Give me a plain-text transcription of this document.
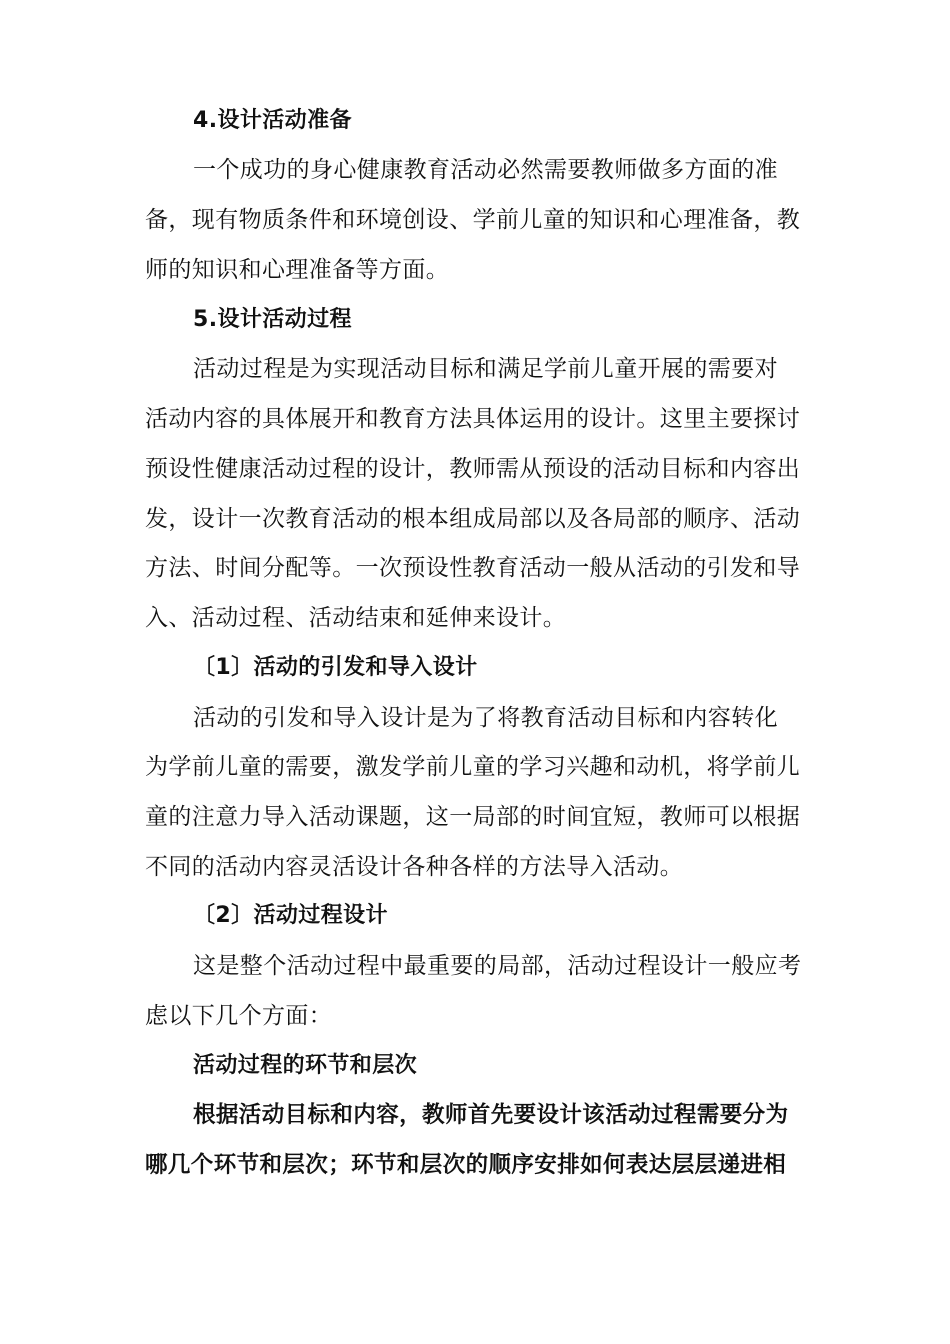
4.设计活动准备
一个成功的身心健康教育活动必然需要教师做多方面的准
备，现有物质条件和环境创设、学前儿童的知识和心理准备，教
师的知识和心理准备等方面。
5.设计活动过程
活动过程是为实现活动目标和满足学前儿童开展的需要对
活动内容的具体展开和教育方法具体运用的设计。这里主要探讨
预设性健康活动过程的设计，教师需从预设的活动目标和内容出
发，设计一次教育活动的根本组成局部以及各局部的顺序、活动
方法、时间分配等。一次预设性教育活动一般从活动的引发和导
入、活动过程、活动结束和延伸来设计。
〔1〕活动的引发和导入设计
活动的引发和导入设计是为了将教育活动目标和内容转化
为学前儿童的需要，激发学前儿童的学习兴趣和动机，将学前儿
童的注意力导入活动课题，这一局部的时间宜短，教师可以根据
不同的活动内容灵活设计各种各样的方法导入活动。
〔2〕活动过程设计
这是整个活动过程中最重要的局部，活动过程设计一般应考
虑以下几个方面：
活动过程的环节和层次
根据活动目标和内容，教师首先要设计该活动过程需要分为
哪几个环节和层次；环节和层次的顺序安排如何表达层层递进相
